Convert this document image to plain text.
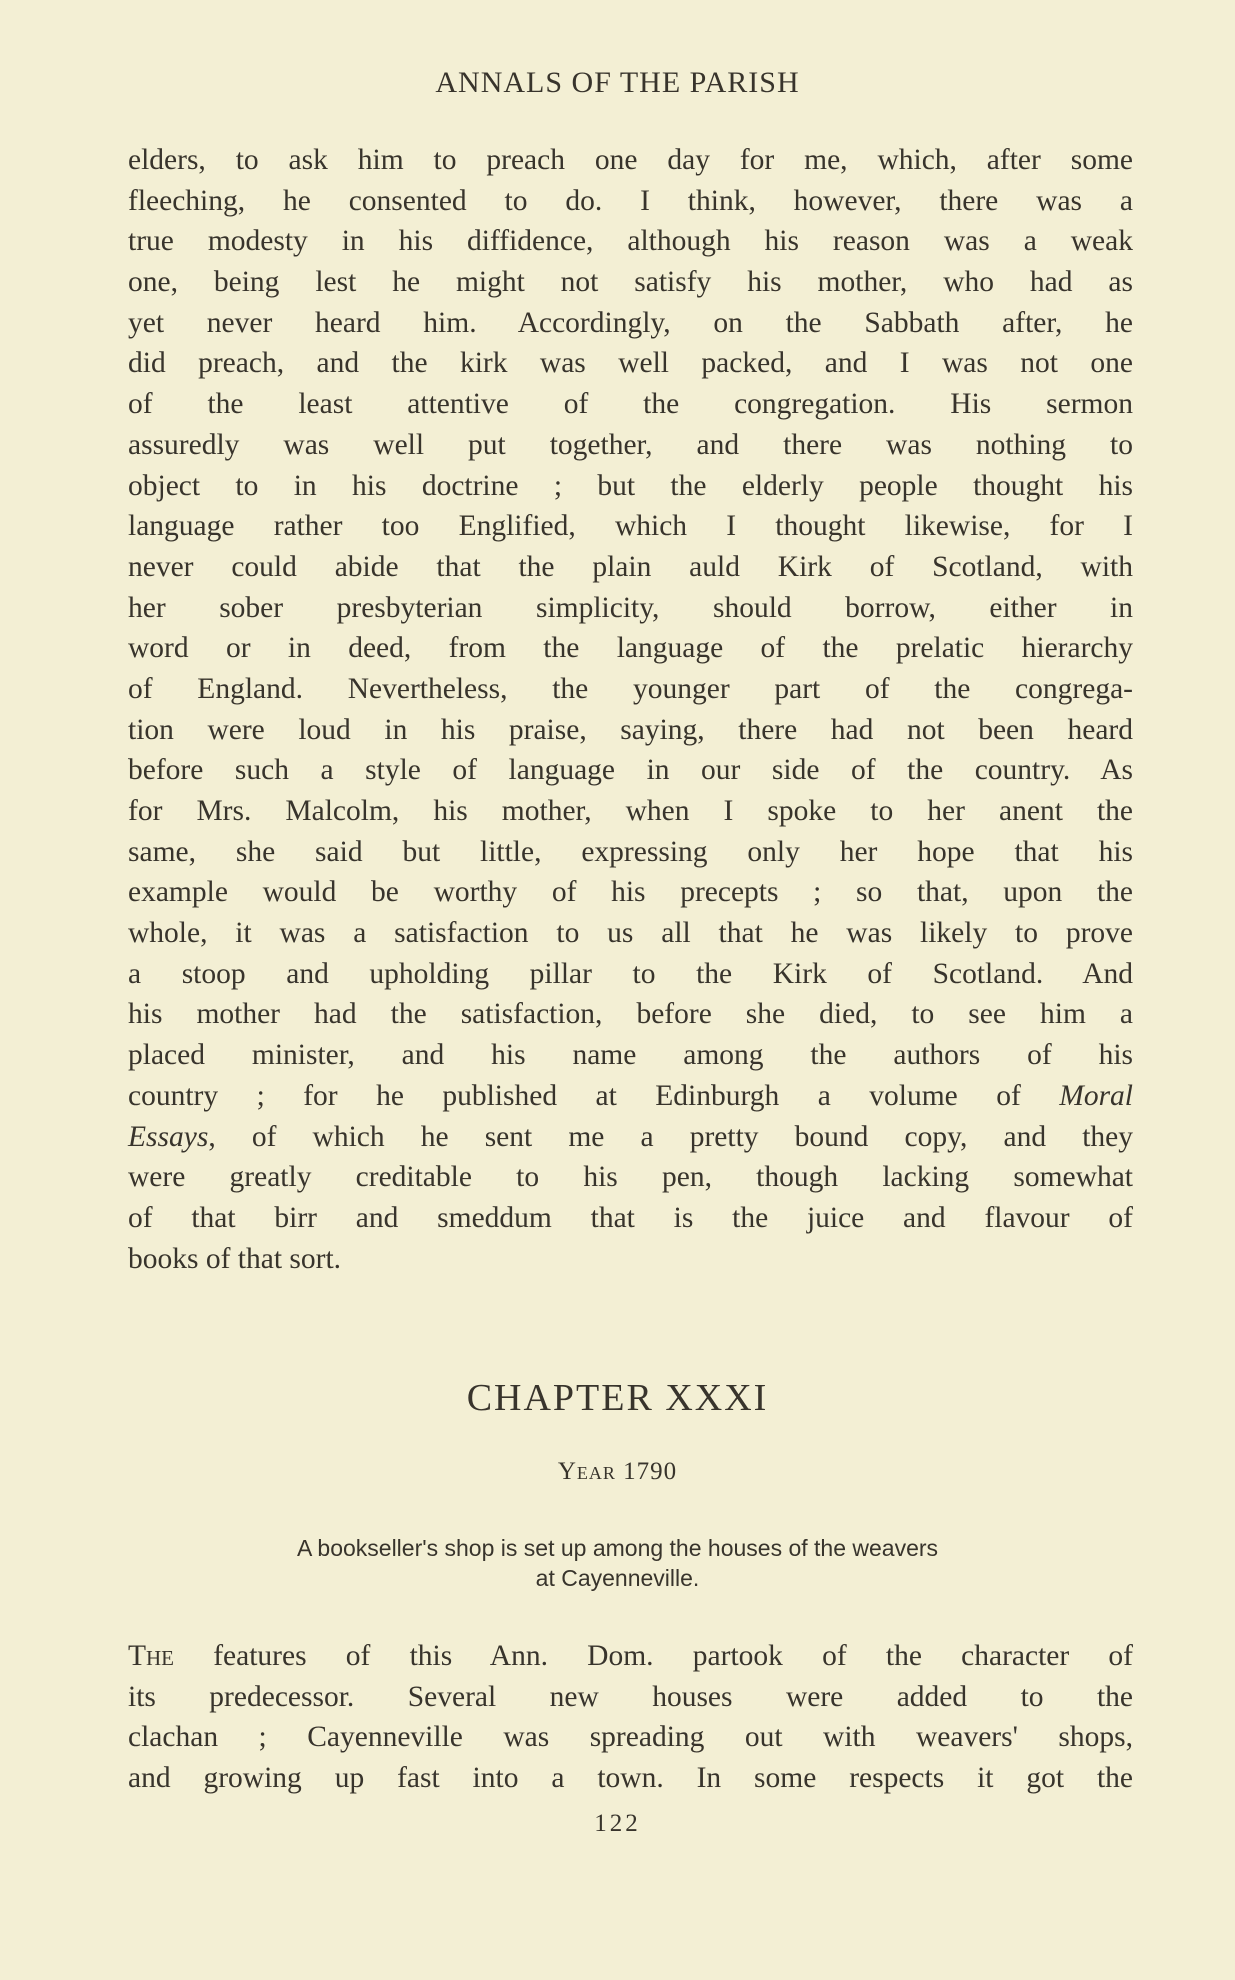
ANNALS OF THE PARISH
elders, to ask him to preach one day for me, which, after some
fleeching, he consented to do. I think, however, there was a
true modesty in his diffidence, although his reason was a weak
one, being lest he might not satisfy his mother, who had as
yet never heard him. Accordingly, on the Sabbath after, he
did preach, and the kirk was well packed, and I was not one
of the least attentive of the congregation. His sermon
assuredly was well put together, and there was nothing to
object to in his doctrine ; but the elderly people thought his
language rather too Englified, which I thought likewise, for I
never could abide that the plain auld Kirk of Scotland, with
her sober presbyterian simplicity, should borrow, either in
word or in deed, from the language of the prelatic hierarchy
of England. Nevertheless, the younger part of the congrega-
tion were loud in his praise, saying, there had not been heard
before such a style of language in our side of the country. As
for Mrs. Malcolm, his mother, when I spoke to her anent the
same, she said but little, expressing only her hope that his
example would be worthy of his precepts ; so that, upon the
whole, it was a satisfaction to us all that he was likely to prove
a stoop and upholding pillar to the Kirk of Scotland. And
his mother had the satisfaction, before she died, to see him a
placed minister, and his name among the authors of his
country ; for he published at Edinburgh a volume of Moral
Essays, of which he sent me a pretty bound copy, and they
were greatly creditable to his pen, though lacking somewhat
of that birr and smeddum that is the juice and flavour of
books of that sort.
CHAPTER XXXI
Year 1790
A bookseller's shop is set up among the houses of the weavers
at Cayenneville.
The features of this Ann. Dom. partook of the character of
its predecessor. Several new houses were added to the
clachan ; Cayenneville was spreading out with weavers' shops,
and growing up fast into a town. In some respects it got the
122
